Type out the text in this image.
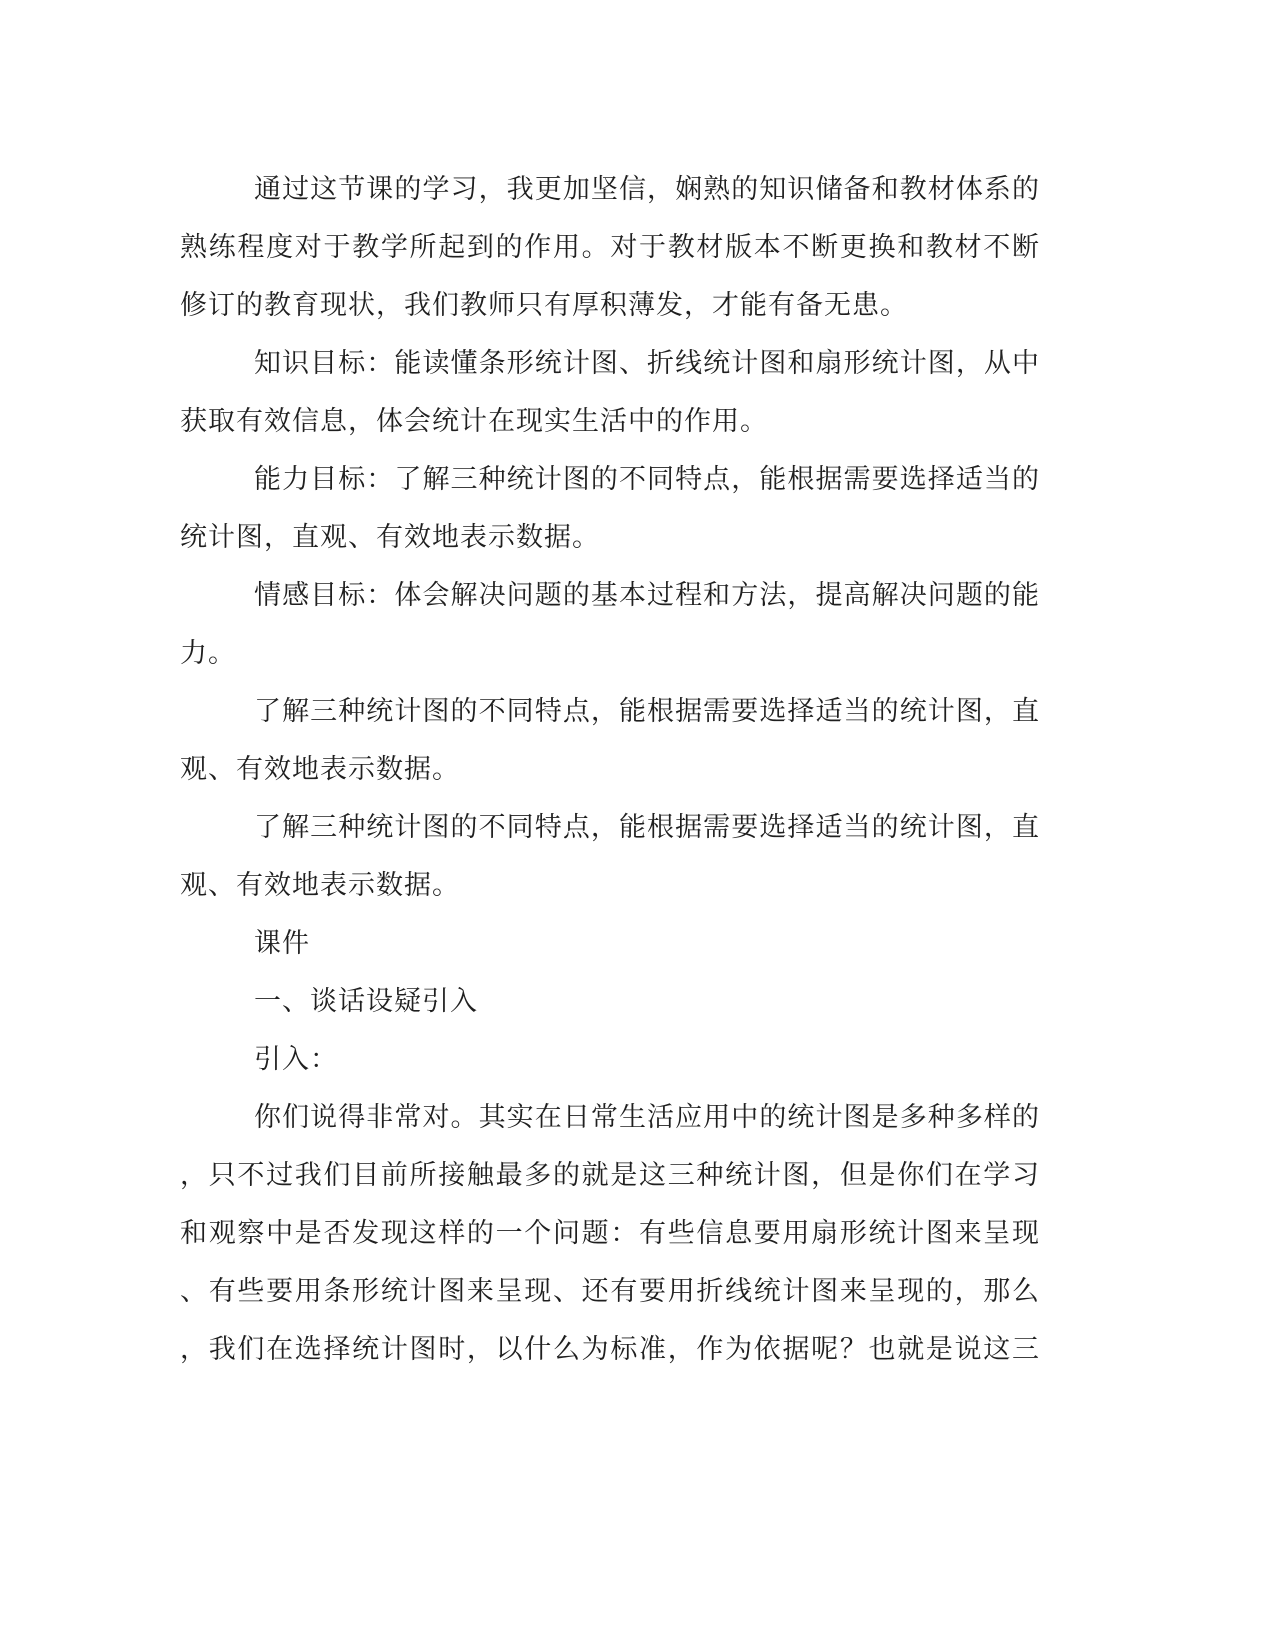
通过这节课的学习，我更加坚信，娴熟的知识储备和教材体系的
熟练程度对于教学所起到的作用。对于教材版本不断更换和教材不断
修订的教育现状，我们教师只有厚积薄发，才能有备无患。
知识目标：能读懂条形统计图、折线统计图和扇形统计图，从中
获取有效信息，体会统计在现实生活中的作用。
能力目标：了解三种统计图的不同特点，能根据需要选择适当的
统计图，直观、有效地表示数据。
情感目标：体会解决问题的基本过程和方法，提高解决问题的能
力。
了解三种统计图的不同特点，能根据需要选择适当的统计图，直
观、有效地表示数据。
了解三种统计图的不同特点，能根据需要选择适当的统计图，直
观、有效地表示数据。
课件
一、谈话设疑引入
引入：
你们说得非常对。其实在日常生活应用中的统计图是多种多样的
，只不过我们目前所接触最多的就是这三种统计图，但是你们在学习
和观察中是否发现这样的一个问题：有些信息要用扇形统计图来呈现
、有些要用条形统计图来呈现、还有要用折线统计图来呈现的，那么
，我们在选择统计图时，以什么为标准，作为依据呢？也就是说这三
